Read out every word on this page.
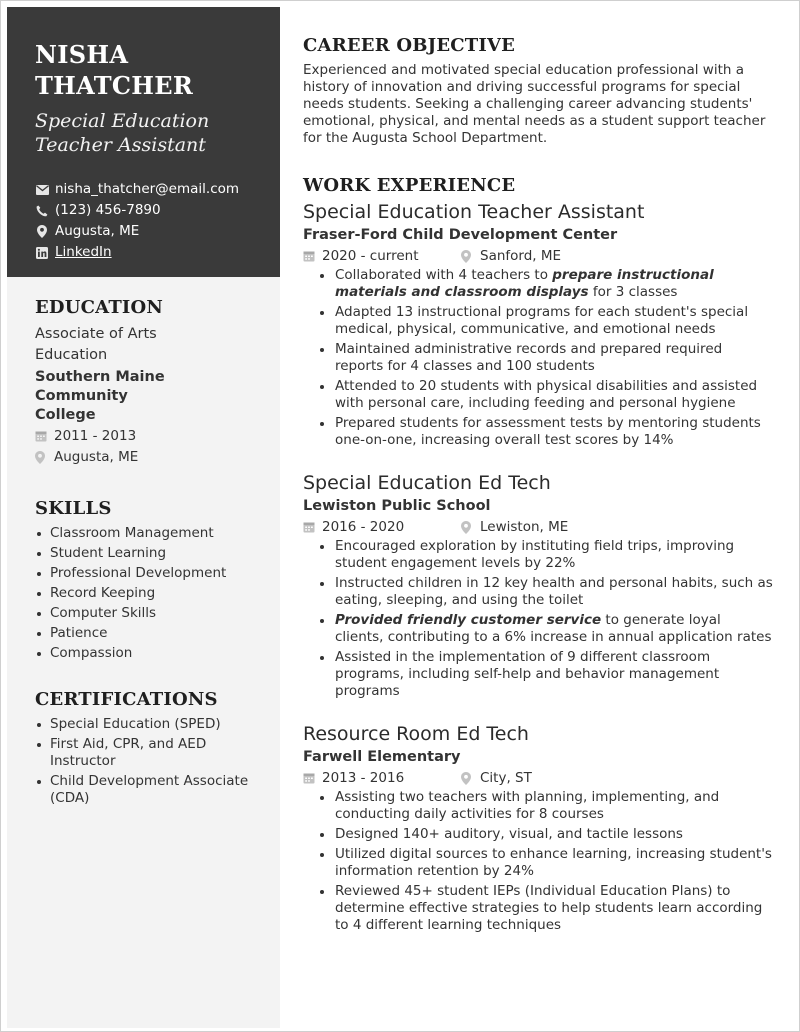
NISHA
THATCHER
Special Education
Teacher Assistant
nisha_thatcher@email.com
(123) 456-7890
Augusta, ME
LinkedIn
EDUCATION
Associate of Arts
Education
Southern Maine Community
College
2011 - 2013
Augusta, ME
SKILLS
Classroom Management
Student Learning
Professional Development
Record Keeping
Computer Skills
Patience
Compassion
CERTIFICATIONS
Special Education (SPED)
First Aid, CPR, and AED Instructor
Child Development Associate (CDA)
CAREER OBJECTIVE
Experienced and motivated special education professional with a history of innovation and driving successful programs for special needs students. Seeking a challenging career advancing students' emotional, physical, and mental needs as a student support teacher for the Augusta School Department.
WORK EXPERIENCE
Special Education Teacher Assistant
Fraser-Ford Child Development Center
2020 - current	Sanford, ME
Collaborated with 4 teachers to prepare instructional materials and classroom displays for 3 classes
Adapted 13 instructional programs for each student's special medical, physical, communicative, and emotional needs
Maintained administrative records and prepared required reports for 4 classes and 100 students
Attended to 20 students with physical disabilities and assisted with personal care, including feeding and personal hygiene
Prepared students for assessment tests by mentoring students one-on-one, increasing overall test scores by 14%
Special Education Ed Tech
Lewiston Public School
2016 - 2020	Lewiston, ME
Encouraged exploration by instituting field trips, improving student engagement levels by 22%
Instructed children in 12 key health and personal habits, such as eating, sleeping, and using the toilet
Provided friendly customer service to generate loyal clients, contributing to a 6% increase in annual application rates
Assisted in the implementation of 9 different classroom programs, including self-help and behavior management programs
Resource Room Ed Tech
Farwell Elementary
2013 - 2016	City, ST
Assisting two teachers with planning, implementing, and conducting daily activities for 8 courses
Designed 140+ auditory, visual, and tactile lessons
Utilized digital sources to enhance learning, increasing student's information retention by 24%
Reviewed 45+ student IEPs (Individual Education Plans) to determine effective strategies to help students learn according to 4 different learning techniques
